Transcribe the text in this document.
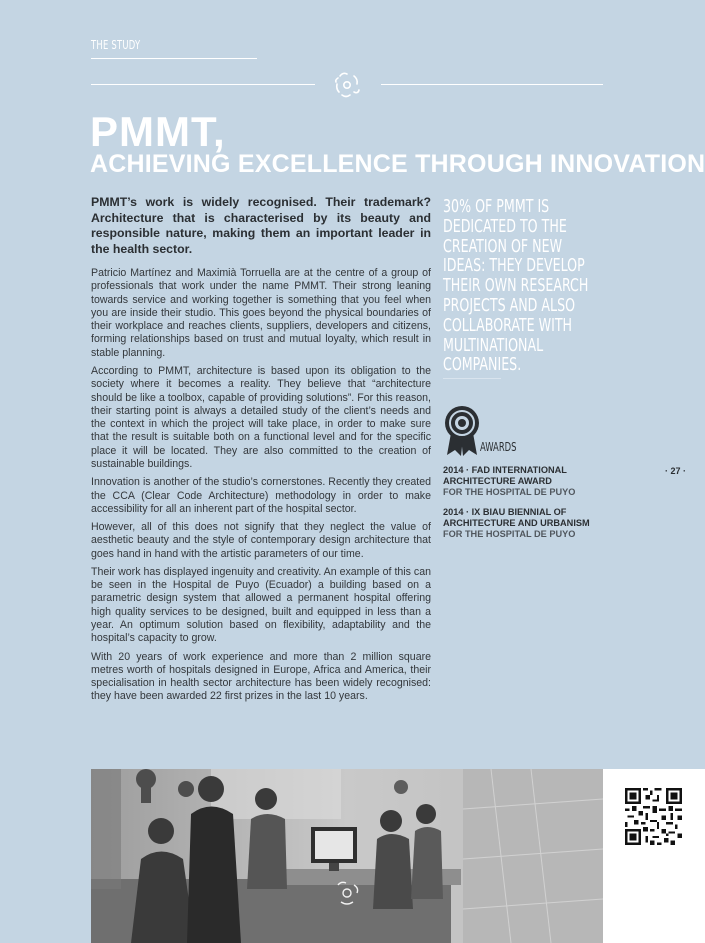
THE STUDY
PMMT,
ACHIEVING EXCELLENCE THROUGH INNOVATION
PMMT’s work is widely recognised. Their trademark? Architecture that is characterised by its beauty and responsible nature, making them an important leader in the health sector.

Patricio Martínez and Maximià Torruella are at the centre of a group of professionals that work under the name PMMT. Their strong leaning towards service and working together is something that you feel when you are inside their studio. This goes beyond the physical boundaries of their workplace and reaches clients, suppliers, developers and citizens, forming relationships based on trust and mutual loyalty, which result in stable planning.

According to PMMT, architecture is based upon its obligation to the society where it becomes a reality. They believe that “architecture should be like a toolbox, capable of providing solutions”. For this reason, their starting point is always a detailed study of the client’s needs and the context in which the project will take place, in order to make sure that the result is suitable both on a functional level and for the specific place it will be located. They are also committed to the creation of sustainable buildings.

Innovation is another of the studio’s cornerstones. Recently they created the CCA (Clear Code Architecture) methodology in order to make accessibility for all an inherent part of the hospital sector.

However, all of this does not signify that they neglect the value of aesthetic beauty and the style of contemporary design architecture that goes hand in hand with the artistic parameters of our time.

Their work has displayed ingenuity and creativity. An example of this can be seen in the Hospital de Puyo (Ecuador) a building based on a parametric design system that allowed a permanent hospital offering high quality services to be designed, built and equipped in less than a year. An optimum solution based on flexibility, adaptability and the hospital’s capacity to grow.

With 20 years of work experience and more than 2 million square metres worth of hospitals designed in Europe, Africa and America, their specialisation in health sector architecture has been widely recognised: they have been awarded 22 first prizes in the last 10 years.

30% OF PMMT IS DEDICATED TO THE CREATION OF NEW IDEAS: THEY DEVELOP THEIR OWN RESEARCH PROJECTS AND ALSO COLLABORATE WITH MULTINATIONAL COMPANIES.
AWARDS
2014 · FAD INTERNATIONAL
ARCHITECTURE AWARD
FOR THE HOSPITAL DE PUYO
2014 · IX BIAU BIENNIAL OF
ARCHITECTURE AND URBANISM
FOR THE HOSPITAL DE PUYO
· 27 ·
